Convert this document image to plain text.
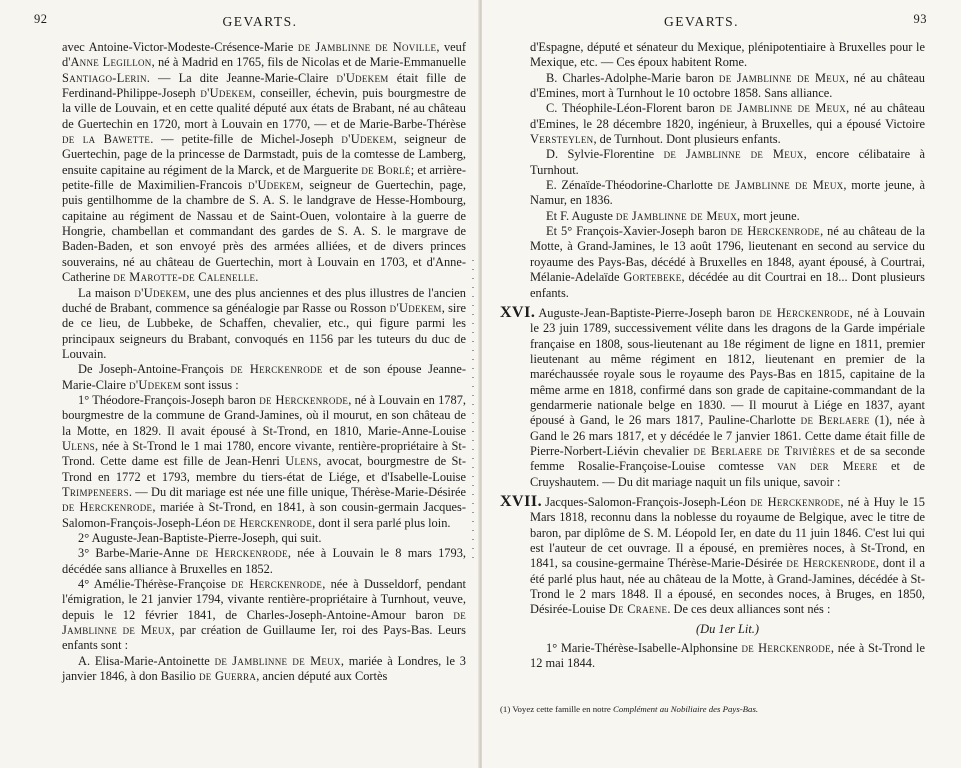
92	GEVARTS.

avec Antoine-Victor-Modeste-Crésence-Marie de Jamblinne de Noville, veuf d'Anne Legillon, né à Madrid en 1765, fils de Nicolas et de Marie-Emmanuelle Santiago-Lerin. — La dite Jeanne-Marie-Claire d'Udekem était fille de Ferdinand-Philippe-Joseph d'Udekem, conseiller, échevin, puis bourgmestre de la ville de Louvain, et en cette qualité député aux états de Brabant, né au château de Guertechin en 1720, mort à Louvain en 1770, — et de Marie-Barbe-Thérèse de la Bawette. — petite-fille de Michel-Joseph d'Udekem, seigneur de Guertechin, page de la princesse de Darmstadt, puis de la comtesse de Lamberg, ensuite capitaine au régiment de la Marck, et de Marguerite de Borlé; et arrière-petite-fille de Maximilien-Francois d'Udekem, seigneur de Guertechin, page, puis gentilhomme de la chambre de S. A. S. le landgrave de Hesse-Hombourg, capitaine au régiment de Nassau et de Saint-Ouen, volontaire à la guerre de Hongrie, chambellan et commandant des gardes de S. A. S. le margrave de Baden-Baden, et son envoyé près des armées alliées, et de divers princes souverains, né au château de Guertechin, mort à Louvain en 1703, et d'Anne-Catherine de Marotte-de Calenelle.

La maison d'Udekem, une des plus anciennes et des plus illustres de l'ancien duché de Brabant, commence sa généalogie par Rasse ou Rosson d'Udekem, sire de ce lieu, de Lubbeke, de Schaffen, chevalier, etc., qui figure parmi les principaux seigneurs du Brabant, convoqués en 1156 par les tuteurs du duc de Louvain.

De Joseph-Antoine-François de Herckenrode et de son épouse Jeanne-Marie-Claire d'Udekem sont issus :

1° Théodore-François-Joseph baron de Herckenrode, né à Louvain en 1787, bourgmestre de la commune de Grand-Jamines, où il mourut, en son château de la Motte, en 1829. Il avait épousé à St-Trond, en 1810, Marie-Anne-Louise Ulens, née à St-Trond le 1 mai 1780, encore vivante, rentière-propriétaire à St-Trond. Cette dame est fille de Jean-Henri Ulens, avocat, bourgmestre de St-Trond en 1772 et 1793, membre du tiers-état de Liége, et d'Isabelle-Louise Trimpeneers. — Du dit mariage est née une fille unique, Thérèse-Marie-Désirée de Herckenrode, mariée à St-Trond, en 1841, à son cousin-germain Jacques-Salomon-François-Joseph-Léon de Herckenrode, dont il sera parlé plus loin.

2° Auguste-Jean-Baptiste-Pierre-Joseph, qui suit.

3° Barbe-Marie-Anne de Herckenrode, née à Louvain le 8 mars 1793, décédée sans alliance à Bruxelles en 1852.

4° Amélie-Thérèse-Françoise de Herckenrode, née à Dusseldorf, pendant l'émigration, le 21 janvier 1794, vivante rentière-propriétaire à Turnhout, veuve, depuis le 12 février 1841, de Charles-Joseph-Antoine-Amour baron de Jamblinne de Meux, par création de Guillaume Ier, roi des Pays-Bas. Leurs enfants sont :

A. Elisa-Marie-Antoinette de Jamblinne de Meux, mariée à Londres, le 3 janvier 1846, à don Basilio de Guerra, ancien député aux Cortès

93
GEVARTS.

d'Espagne, député et sénateur du Mexique, plénipotentiaire à Bruxelles pour le Mexique, etc. — Ces époux habitent Rome.

B. Charles-Adolphe-Marie baron de Jamblinne de Meux, né au château d'Emines, mort à Turnhout le 10 octobre 1858. Sans alliance.

C. Théophile-Léon-Florent baron de Jamblinne de Meux, né au château d'Emines, le 28 décembre 1820, ingénieur, à Bruxelles, qui a épousé Victoire Versteylen, de Turnhout. Dont plusieurs enfants.

D. Sylvie-Florentine de Jamblinne de Meux, encore célibataire à Turnhout.

E. Zénaïde-Théodorine-Charlotte de Jamblinne de Meux, morte jeune, à Namur, en 1836.

Et F. Auguste de Jamblinne de Meux, mort jeune.

Et 5° François-Xavier-Joseph baron de Herckenrode, né au château de la Motte, à Grand-Jamines, le 13 août 1796, lieutenant en second au service du royaume des Pays-Bas, décédé à Bruxelles en 1848, ayant épousé, à Courtrai, Mélanie-Adelaïde Gortebeke, décédée au dit Courtrai en 18... Dont plusieurs enfants.

XVI. Auguste-Jean-Baptiste-Pierre-Joseph baron de Herckenrode, né à Louvain le 23 juin 1789, successivement vélite dans les dragons de la Garde impériale française en 1808, sous-lieutenant au 18e régiment de ligne en 1811, premier lieutenant au même régiment en 1812, lieutenant en premier de la maréchaussée royale sous le royaume des Pays-Bas en 1815, capitaine de la même arme en 1818, confirmé dans son grade de capitaine-commandant de la gendarmerie nationale belge en 1830. — Il mourut à Liége en 1837, ayant épousé à Gand, le 26 mars 1817, Pauline-Charlotte de Berlaere (1), née à Gand le 26 mars 1817, et y décédée le 7 janvier 1861. Cette dame était fille de Pierre-Norbert-Liévin chevalier de Berlaere de Trivières et de sa seconde femme Rosalie-Françoise-Louise comtesse van der Meere et de Cruyshautem. — Du dit mariage naquit un fils unique, savoir :

XVII. Jacques-Salomon-François-Joseph-Léon de Herckenrode, né à Huy le 15 Mars 1818, reconnu dans la noblesse du royaume de Belgique, avec le titre de baron, par diplôme de S. M. Léopold Ier, en date du 11 juin 1846. C'est lui qui est l'auteur de cet ouvrage. Il a épousé, en premières noces, à St-Trond, en 1841, sa cousine-germaine Thérèse-Marie-Désirée de Herckenrode, dont il a été parlé plus haut, née au château de la Motte, à Grand-Jamines, décédée à St-Trond le 2 mars 1848. Il a épousé, en secondes noces, à Bruges, en 1850, Désirée-Louise De Craene. De ces deux alliances sont nés :

(Du 1er Lit.)

1° Marie-Thérèse-Isabelle-Alphonsine de Herckenrode, née à St-Trond le 12 mai 1844.

(1) Voyez cette famille en notre Complément au Nobiliaire des Pays-Bas.
